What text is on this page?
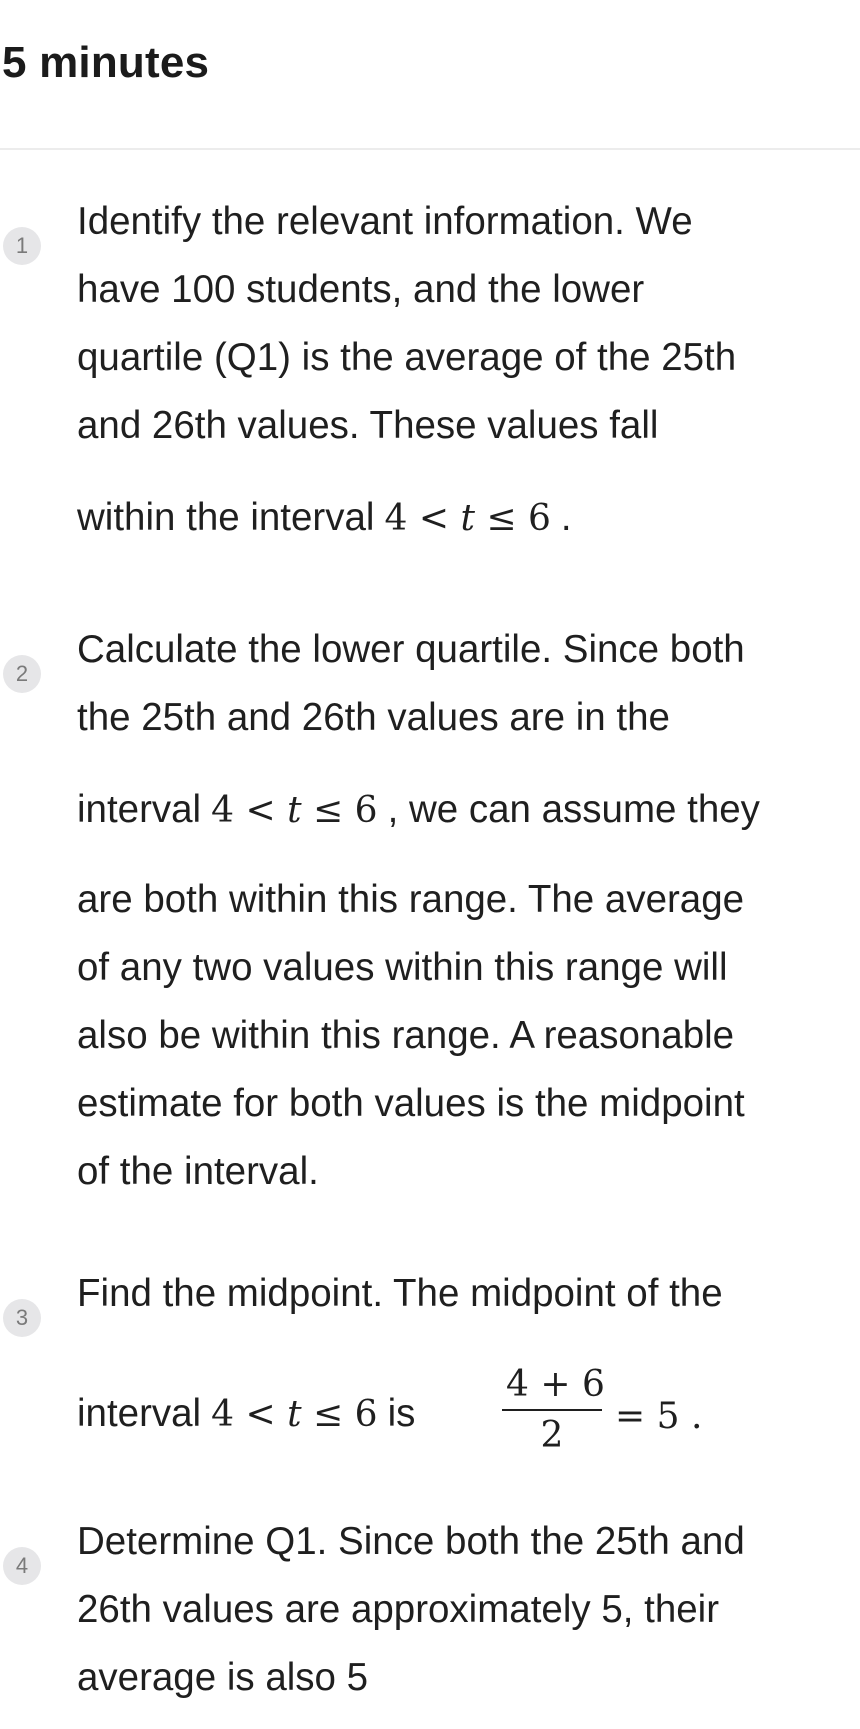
5 minutes
1
Identify the relevant information. We
have 100 students, and the lower
quartile (Q1) is the average of the 25th
and 26th values. These values fall
within the interval 4 < t ≤ 6 .
2
Calculate the lower quartile. Since both
the 25th and 26th values are in the
interval 4 < t ≤ 6 , we can assume they
are both within this range. The average
of any two values within this range will
also be within this range. A reasonable
estimate for both values is the midpoint
of the interval.
3
Find the midpoint. The midpoint of the
interval 4 < t ≤ 6 is
4 + 6
2	= 5 .
4
Determine Q1. Since both the 25th and
26th values are approximately 5, their
average is also 5
